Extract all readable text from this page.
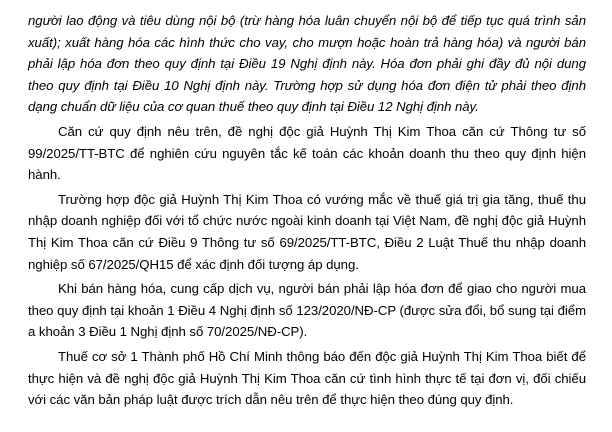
người lao động và tiêu dùng nội bộ (trừ hàng hóa luân chuyển nội bộ để tiếp tục quá trình sản xuất); xuất hàng hóa các hình thức cho vay, cho mượn hoặc hoàn trả hàng hóa) và người bán phải lập hóa đơn theo quy định tại Điều 19 Nghị định này. Hóa đơn phải ghi đầy đủ nội dung theo quy định tại Điều 10 Nghị định này. Trường hợp sử dụng hóa đơn điện tử phải theo định dạng chuẩn dữ liệu của cơ quan thuế theo quy định tại Điều 12 Nghị định này.

Căn cứ quy định nêu trên, đề nghị độc giả Huỳnh Thị Kim Thoa căn cứ Thông tư số 99/2025/TT-BTC để nghiên cứu nguyên tắc kế toán các khoản doanh thu theo quy định hiện hành.

Trường hợp độc giả Huỳnh Thị Kim Thoa có vướng mắc về thuế giá trị gia tăng, thuế thu nhập doanh nghiệp đối với tổ chức nước ngoài kinh doanh tại Việt Nam, đề nghị độc giả Huỳnh Thị Kim Thoa căn cứ Điều 9 Thông tư số 69/2025/TT-BTC, Điều 2 Luật Thuế thu nhập doanh nghiệp số 67/2025/QH15 để xác định đối tượng áp dụng.

Khi bán hàng hóa, cung cấp dịch vụ, người bán phải lập hóa đơn để giao cho người mua theo quy định tại khoản 1 Điều 4 Nghị định số 123/2020/NĐ-CP (được sửa đổi, bổ sung tại điểm a khoản 3 Điều 1 Nghị định số 70/2025/NĐ-CP).

Thuế cơ sở 1 Thành phố Hồ Chí Minh thông báo đến độc giả Huỳnh Thị Kim Thoa biết để thực hiện và đề nghị độc giả Huỳnh Thị Kim Thoa căn cứ tình hình thực tế tại đơn vị, đối chiếu với các văn bản pháp luật được trích dẫn nêu trên để thực hiện theo đúng quy định.
